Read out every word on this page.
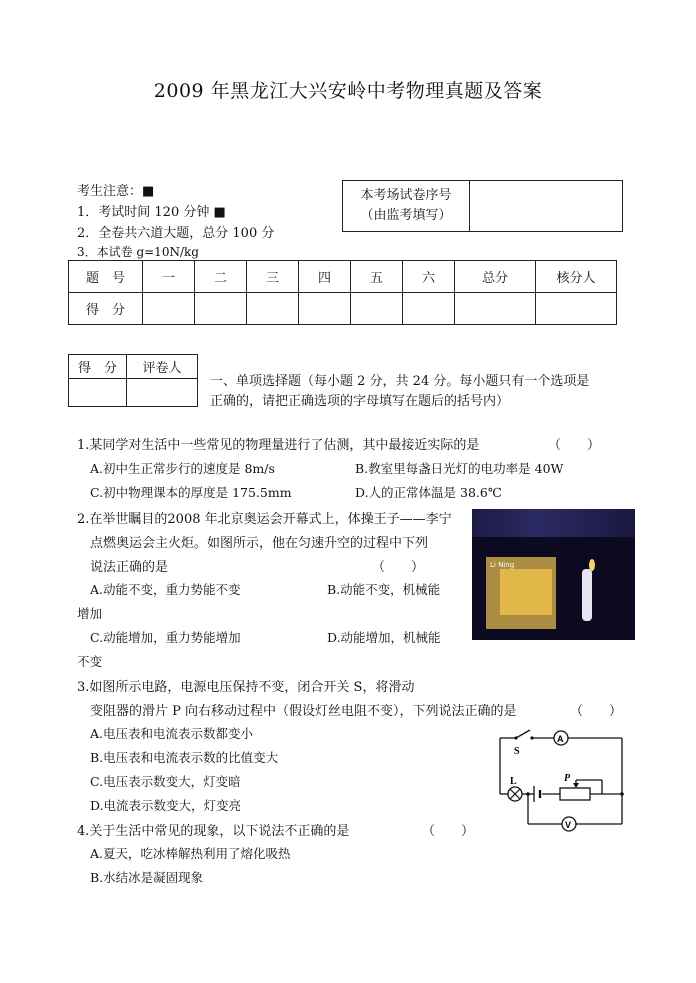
2009 年黑龙江大兴安岭中考物理真题及答案
考生注意：■
1．考试时间 120 分钟 ■
2．全卷共六道大题，总分 100 分
3．本试卷 g=10N/kg
本考场试卷序号
（由监考填写）	
题　号	一	二	三	四	五	六	总分	核分人
得　分								
得　分	评卷人

一、单项选择题（每小题 2 分，共 24 分。每小题只有一个选项是
正确的，请把正确选项的字母填写在题后的括号内）
1.某同学对生活中一些常见的物理量进行了估测，其中最接近实际的是	（　　）
A.初中生正常步行的速度是 8m/s	B.教室里每盏日光灯的电功率是 40W
C.初中物理课本的厚度是 175.5mm	D.人的正常体温是 38.6℃
2.在举世瞩目的2008 年北京奥运会开幕式上，体操王子——李宁
点燃奥运会主火炬。如图所示，他在匀速升空的过程中下列
说法正确的是	（　　）
A.动能不变，重力势能不变	B.动能不变，机械能
增加
C.动能增加，重力势能增加	D.动能增加，机械能
不变
Li Ning
3.如图所示电路，电源电压保持不变，闭合开关 S，将滑动
变阻器的滑片 P 向右移动过程中（假设灯丝电阻不变），下列说法正确的是	（　　）
A.电压表和电流表示数都变小
B.电压表和电流表示数的比值变大
C.电压表示数变大，灯变暗
D.电流表示数变大，灯变亮
S
A
L	P
V
4.关于生活中常见的现象，以下说法不正确的是	（　　）
A.夏天，吃冰棒解热利用了熔化吸热
B.水结冰是凝固现象
